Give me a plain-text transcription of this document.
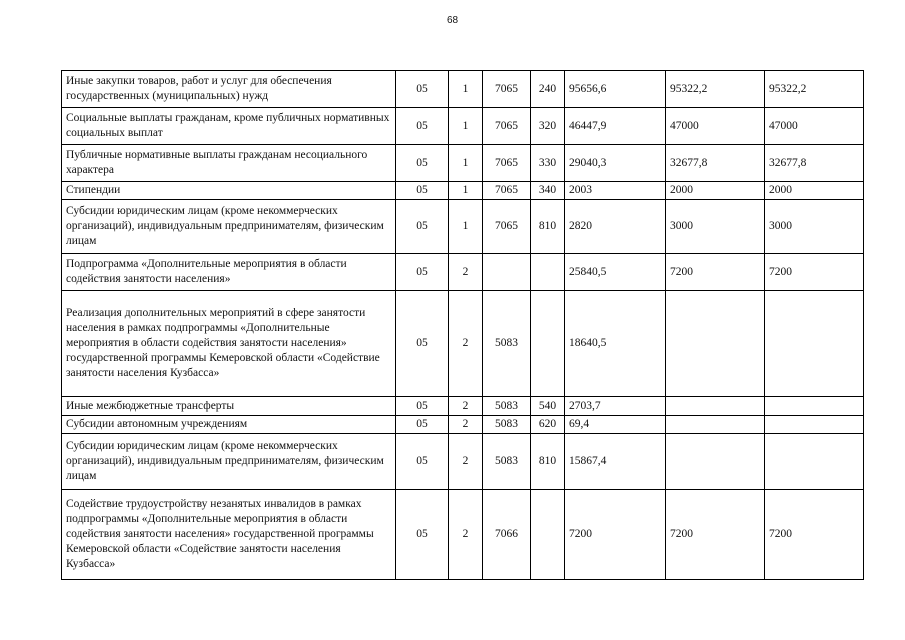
68
Иные закупки товаров, работ и услуг для обеспечения государственных (муниципальных) нужд	05	1	7065	240	95656,6	95322,2	95322,2
Социальные выплаты гражданам, кроме публичных нормативных социальных выплат	05	1	7065	320	46447,9	47000	47000
Публичные нормативные выплаты гражданам несоциального характера	05	1	7065	330	29040,3	32677,8	32677,8
Стипендии	05	1	7065	340	2003	2000	2000
Субсидии юридическим лицам (кроме некоммерческих организаций), индивидуальным предпринимателям, физическим лицам	05	1	7065	810	2820	3000	3000
Подпрограмма «Дополнительные мероприятия в области содействия занятости населения»	05	2			25840,5	7200	7200
Реализация дополнительных мероприятий в сфере занятости населения в рамках подпрограммы «Дополнительные мероприятия в области содействия занятости населения» государственной программы Кемеровской области «Содействие занятости населения Кузбасса»	05	2	5083		18640,5		
Иные межбюджетные трансферты	05	2	5083	540	2703,7		
Субсидии автономным учреждениям	05	2	5083	620	69,4		
Субсидии юридическим лицам (кроме некоммерческих организаций), индивидуальным предпринимателям, физическим лицам	05	2	5083	810	15867,4		
Содействие трудоустройству незанятых инвалидов в рамках подпрограммы «Дополнительные мероприятия в области содействия занятости населения» государственной программы Кемеровской области «Содействие занятости населения Кузбасса»	05	2	7066		7200	7200	7200
